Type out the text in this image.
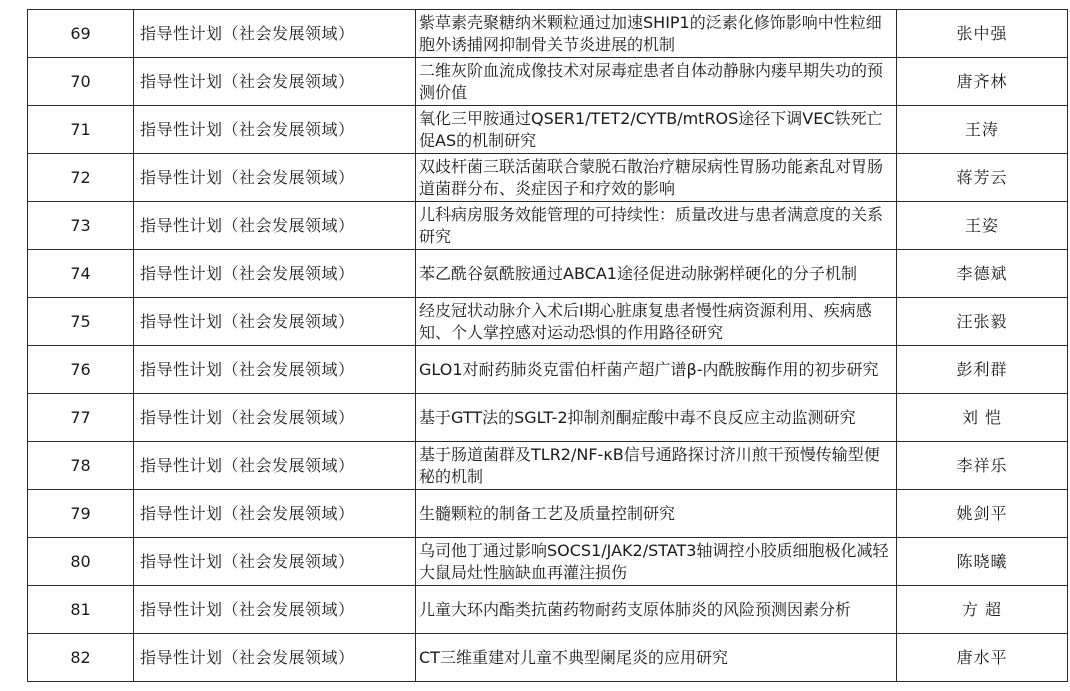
69	指导性计划（社会发展领域）	紫草素壳聚糖纳米颗粒通过加速SHIP1的泛素化修饰影响中性粒细胞外诱捕网抑制骨关节炎进展的机制	张中强
70	指导性计划（社会发展领域）	二维灰阶血流成像技术对尿毒症患者自体动静脉内瘘早期失功的预测价值	唐齐林
71	指导性计划（社会发展领域）	氧化三甲胺通过QSER1/TET2/CYTB/mtROS途径下调VEC铁死亡促AS的机制研究	王涛
72	指导性计划（社会发展领域）	双歧杆菌三联活菌联合蒙脱石散治疗糖尿病性胃肠功能紊乱对胃肠道菌群分布、炎症因子和疗效的影响	蒋芳云
73	指导性计划（社会发展领域）	儿科病房服务效能管理的可持续性：质量改进与患者满意度的关系研究	王姿
74	指导性计划（社会发展领域）	苯乙酰谷氨酰胺通过ABCA1途径促进动脉粥样硬化的分子机制	李德斌
75	指导性计划（社会发展领域）	经皮冠状动脉介入术后Ⅰ期心脏康复患者慢性病资源利用、疾病感知、个人掌控感对运动恐惧的作用路径研究	汪张毅
76	指导性计划（社会发展领域）	GLO1对耐药肺炎克雷伯杆菌产超广谱β-内酰胺酶作用的初步研究	彭利群
77	指导性计划（社会发展领域）	基于GTT法的SGLT-2抑制剂酮症酸中毒不良反应主动监测研究	刘 恺
78	指导性计划（社会发展领域）	基于肠道菌群及TLR2/NF-κB信号通路探讨济川煎干预慢传输型便秘的机制	李祥乐
79	指导性计划（社会发展领域）	生髓颗粒的制备工艺及质量控制研究	姚剑平
80	指导性计划（社会发展领域）	乌司他丁通过影响SOCS1/JAK2/STAT3轴调控小胶质细胞极化减轻大鼠局灶性脑缺血再灌注损伤	陈晓曦
81	指导性计划（社会发展领域）	儿童大环内酯类抗菌药物耐药支原体肺炎的风险预测因素分析	方 超
82	指导性计划（社会发展领域）	CT三维重建对儿童不典型阑尾炎的应用研究	唐水平
